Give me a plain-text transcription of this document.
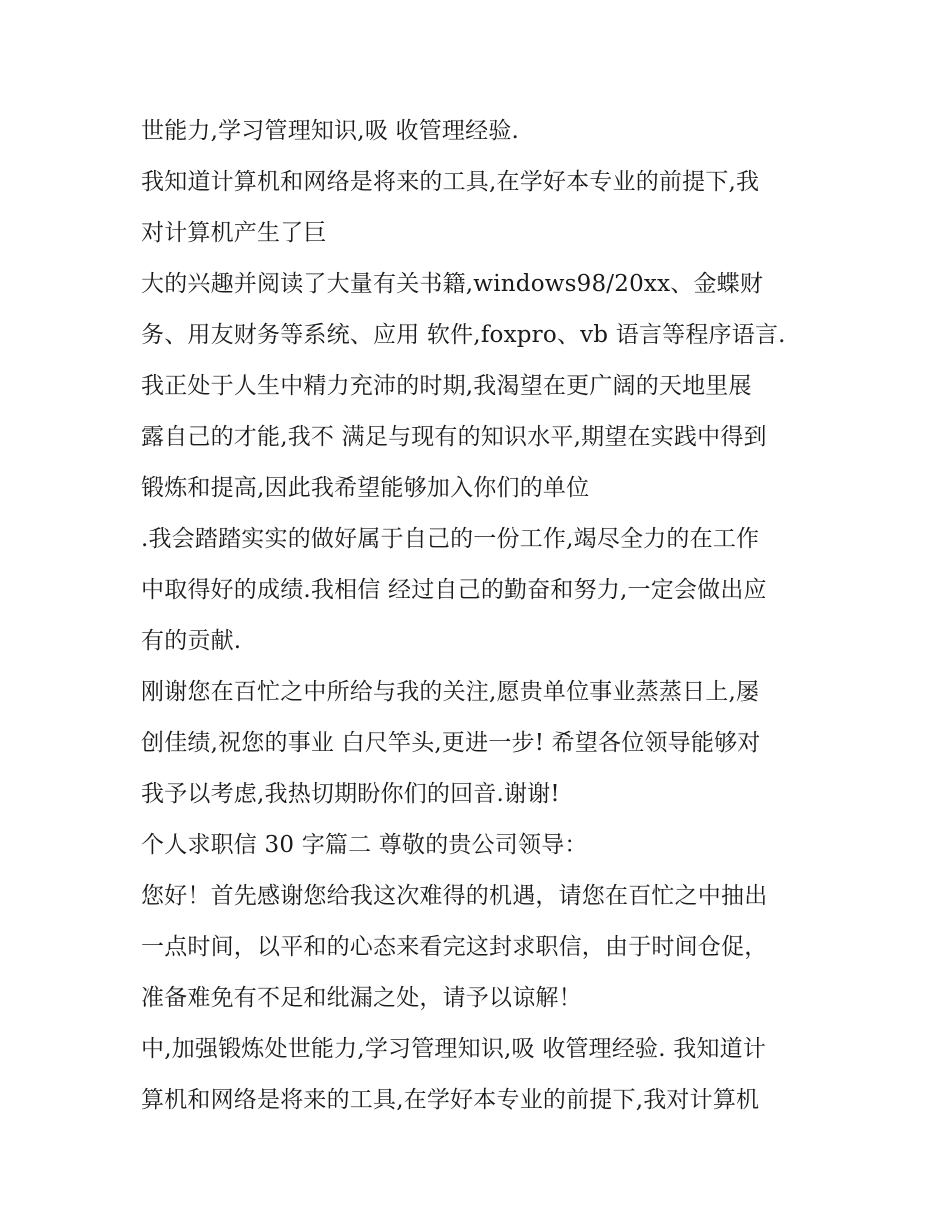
世能力,学习管理知识,吸 收管理经验.
我知道计算机和网络是将来的工具,在学好本专业的前提下,我
对计算机产生了巨
大的兴趣并阅读了大量有关书籍,windows98/20xx、金蝶财
务、用友财务等系统、应用 软件,foxpro、vb 语言等程序语言.
我正处于人生中精力充沛的时期,我渴望在更广阔的天地里展
露自己的才能,我不 满足与现有的知识水平,期望在实践中得到
锻炼和提高,因此我希望能够加入你们的单位
.我会踏踏实实的做好属于自己的一份工作,竭尽全力的在工作
中取得好的成绩.我相信 经过自己的勤奋和努力,一定会做出应
有的贡献.
刚谢您在百忙之中所给与我的关注,愿贵单位事业蒸蒸日上,屡
创佳绩,祝您的事业 白尺竿头,更进一步! 希望各位领导能够对
我予以考虑,我热切期盼你们的回音.谢谢!
个人求职信 30 字篇二 尊敬的贵公司领导：
您好！首先感谢您给我这次难得的机遇，请您在百忙之中抽出
一点时间，以平和的心态来看完这封求职信，由于时间仓促，
准备难免有不足和纰漏之处，请予以谅解！
中,加强锻炼处世能力,学习管理知识,吸 收管理经验. 我知道计
算机和网络是将来的工具,在学好本专业的前提下,我对计算机
